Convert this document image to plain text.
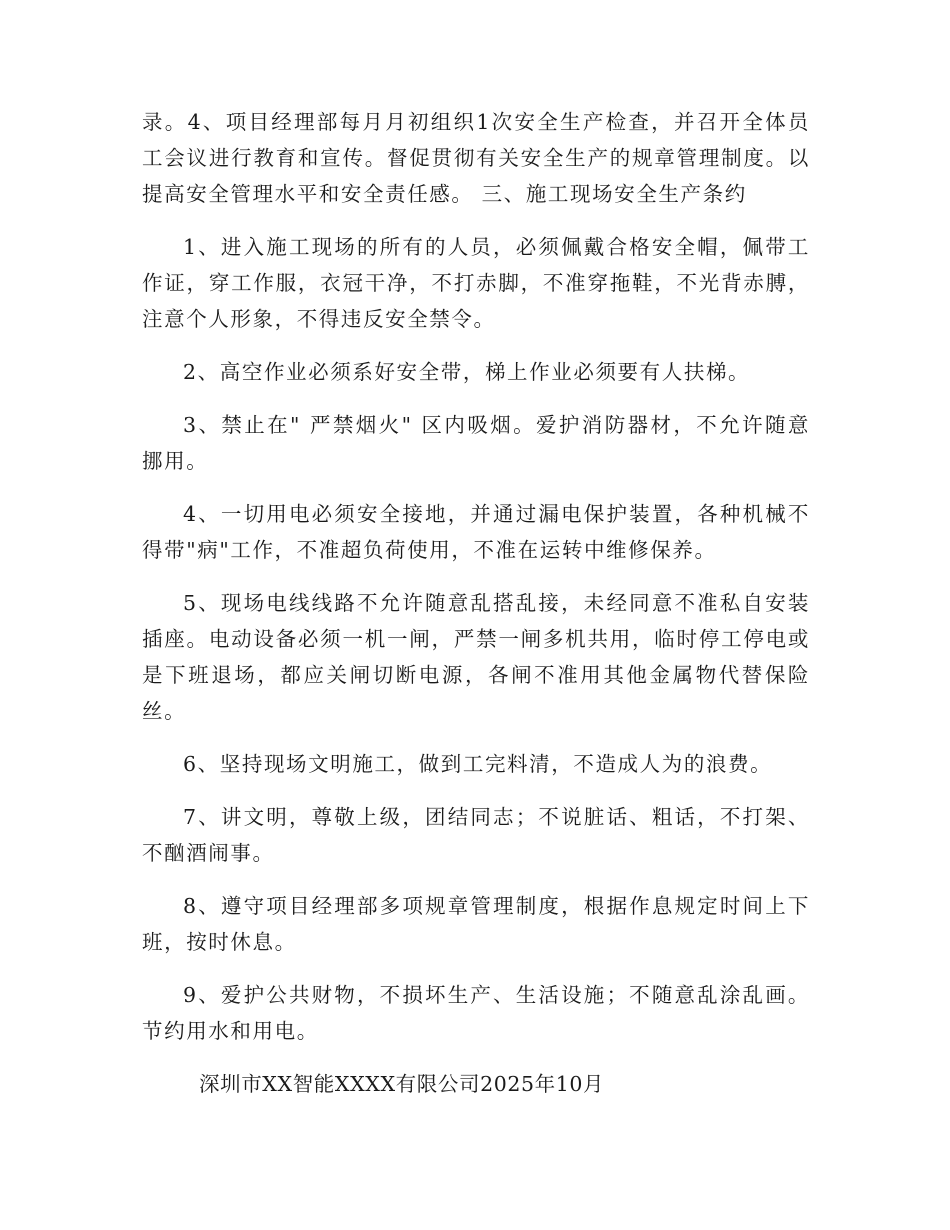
录。4、项目经理部每月月初组织1次安全生产检查，并召开全体员工会议进行教育和宣传。督促贯彻有关安全生产的规章管理制度。以提高安全管理水平和安全责任感。 三、施工现场安全生产条约

1、进入施工现场的所有的人员，必须佩戴合格安全帽，佩带工作证，穿工作服，衣冠干净，不打赤脚，不准穿拖鞋，不光背赤膊，注意个人形象，不得违反安全禁令。

2、高空作业必须系好安全带，梯上作业必须要有人扶梯。

3、禁止在" 严禁烟火" 区内吸烟。爱护消防器材，不允许随意挪用。

4、一切用电必须安全接地，并通过漏电保护装置，各种机械不得带"病"工作，不准超负荷使用，不准在运转中维修保养。

5、现场电线线路不允许随意乱搭乱接，未经同意不准私自安装插座。电动设备必须一机一闸，严禁一闸多机共用，临时停工停电或是下班退场，都应关闸切断电源，各闸不准用其他金属物代替保险丝。

6、坚持现场文明施工，做到工完料清，不造成人为的浪费。

7、讲文明，尊敬上级，团结同志；不说脏话、粗话，不打架、不酗酒闹事。

8、遵守项目经理部多项规章管理制度，根据作息规定时间上下班，按时休息。

9、爱护公共财物，不损坏生产、生活设施；不随意乱涂乱画。节约用水和用电。

深圳市XX智能XXXX有限公司2025年10月
